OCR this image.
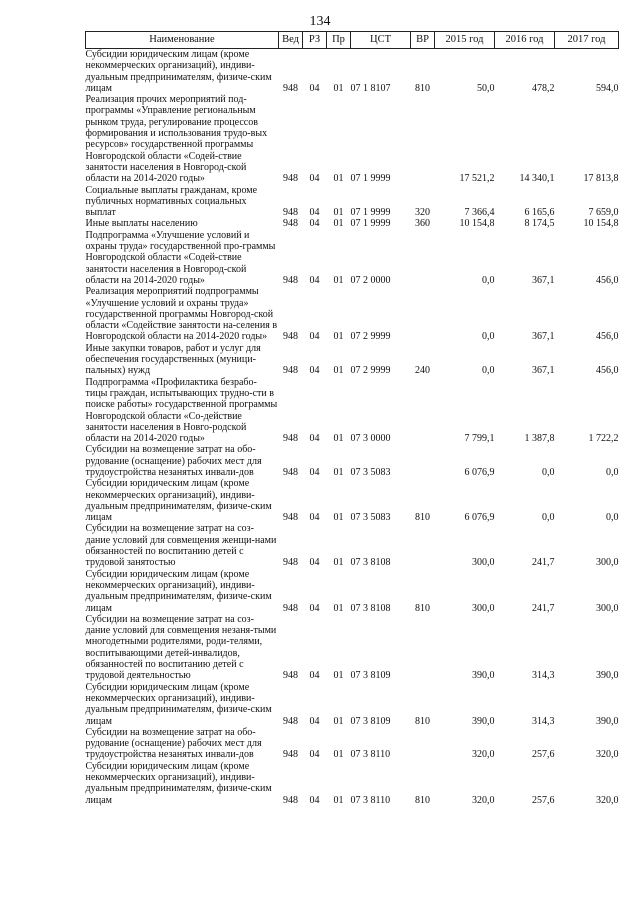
134
Наименование	Вед	РЗ	Пр	ЦСТ	ВР	2015 год	2016 год	2017 год
Субсидии юридическим лицам (кроме некоммерческих организаций), индиви-дуальным предпринимателям, физиче-ским лицам	948	04	01	07 1 8107	810	50,0	478,2	594,0
Реализация прочих мероприятий под-программы «Управление региональным рынком труда, регулирование процессов формирования и использования трудо-вых ресурсов» государственной программы Новгородской области «Содей-ствие занятости населения в Новгород-ской области на 2014-2020 годы»	948	04	01	07 1 9999		17 521,2	14 340,1	17 813,8
Социальные выплаты гражданам, кроме публичных нормативных социальных выплат	948	04	01	07 1 9999	320	7 366,4	6 165,6	7 659,0
Иные выплаты населению	948	04	01	07 1 9999	360	10 154,8	8 174,5	10 154,8
Подпрограмма «Улучшение условий и охраны труда» государственной про-граммы Новгородской области «Содей-ствие занятости населения в Новгород-ской области на 2014-2020 годы»	948	04	01	07 2 0000		0,0	367,1	456,0
Реализация мероприятий подпрограммы «Улучшение условий и охраны труда» государственной программы Новгород-ской области «Содействие занятости на-селения в Новгородской области на 2014-2020 годы»	948	04	01	07 2 9999		0,0	367,1	456,0
Иные закупки товаров, работ и услуг для обеспечения государственных (муници-пальных) нужд	948	04	01	07 2 9999	240	0,0	367,1	456,0
Подпрограмма «Профилактика безрабо-тицы граждан, испытывающих трудно-сти в поиске работы» государственной программы Новгородской области «Со-действие занятости населения в Новго-родской области на 2014-2020 годы»	948	04	01	07 3 0000		7 799,1	1 387,8	1 722,2
Субсидии на возмещение затрат на обо-рудование (оснащение) рабочих мест для трудоустройства незанятых инвали-дов	948	04	01	07 3 5083		6 076,9	0,0	0,0
Субсидии юридическим лицам (кроме некоммерческих организаций), индиви-дуальным предпринимателям, физиче-ским лицам	948	04	01	07 3 5083	810	6 076,9	0,0	0,0
Субсидии на возмещение затрат на соз-дание условий для совмещения женщи-нами обязанностей по воспитанию детей с трудовой занятостью	948	04	01	07 3 8108		300,0	241,7	300,0
Субсидии юридическим лицам (кроме некоммерческих организаций), индиви-дуальным предпринимателям, физиче-ским лицам	948	04	01	07 3 8108	810	300,0	241,7	300,0
Субсидии на возмещение затрат на соз-дание условий для совмещения незаня-тыми многодетными родителями, роди-телями, воспитывающими детей-инвалидов, обязанностей по воспитанию детей с трудовой деятельностью	948	04	01	07 3 8109		390,0	314,3	390,0
Субсидии юридическим лицам (кроме некоммерческих организаций), индиви-дуальным предпринимателям, физиче-ским лицам	948	04	01	07 3 8109	810	390,0	314,3	390,0
Субсидии на возмещение затрат на обо-рудование (оснащение) рабочих мест для трудоустройства незанятых инвали-дов	948	04	01	07 3 8110		320,0	257,6	320,0
Субсидии юридическим лицам (кроме некоммерческих организаций), индиви-дуальным предпринимателям, физиче-ским лицам	948	04	01	07 3 8110	810	320,0	257,6	320,0
